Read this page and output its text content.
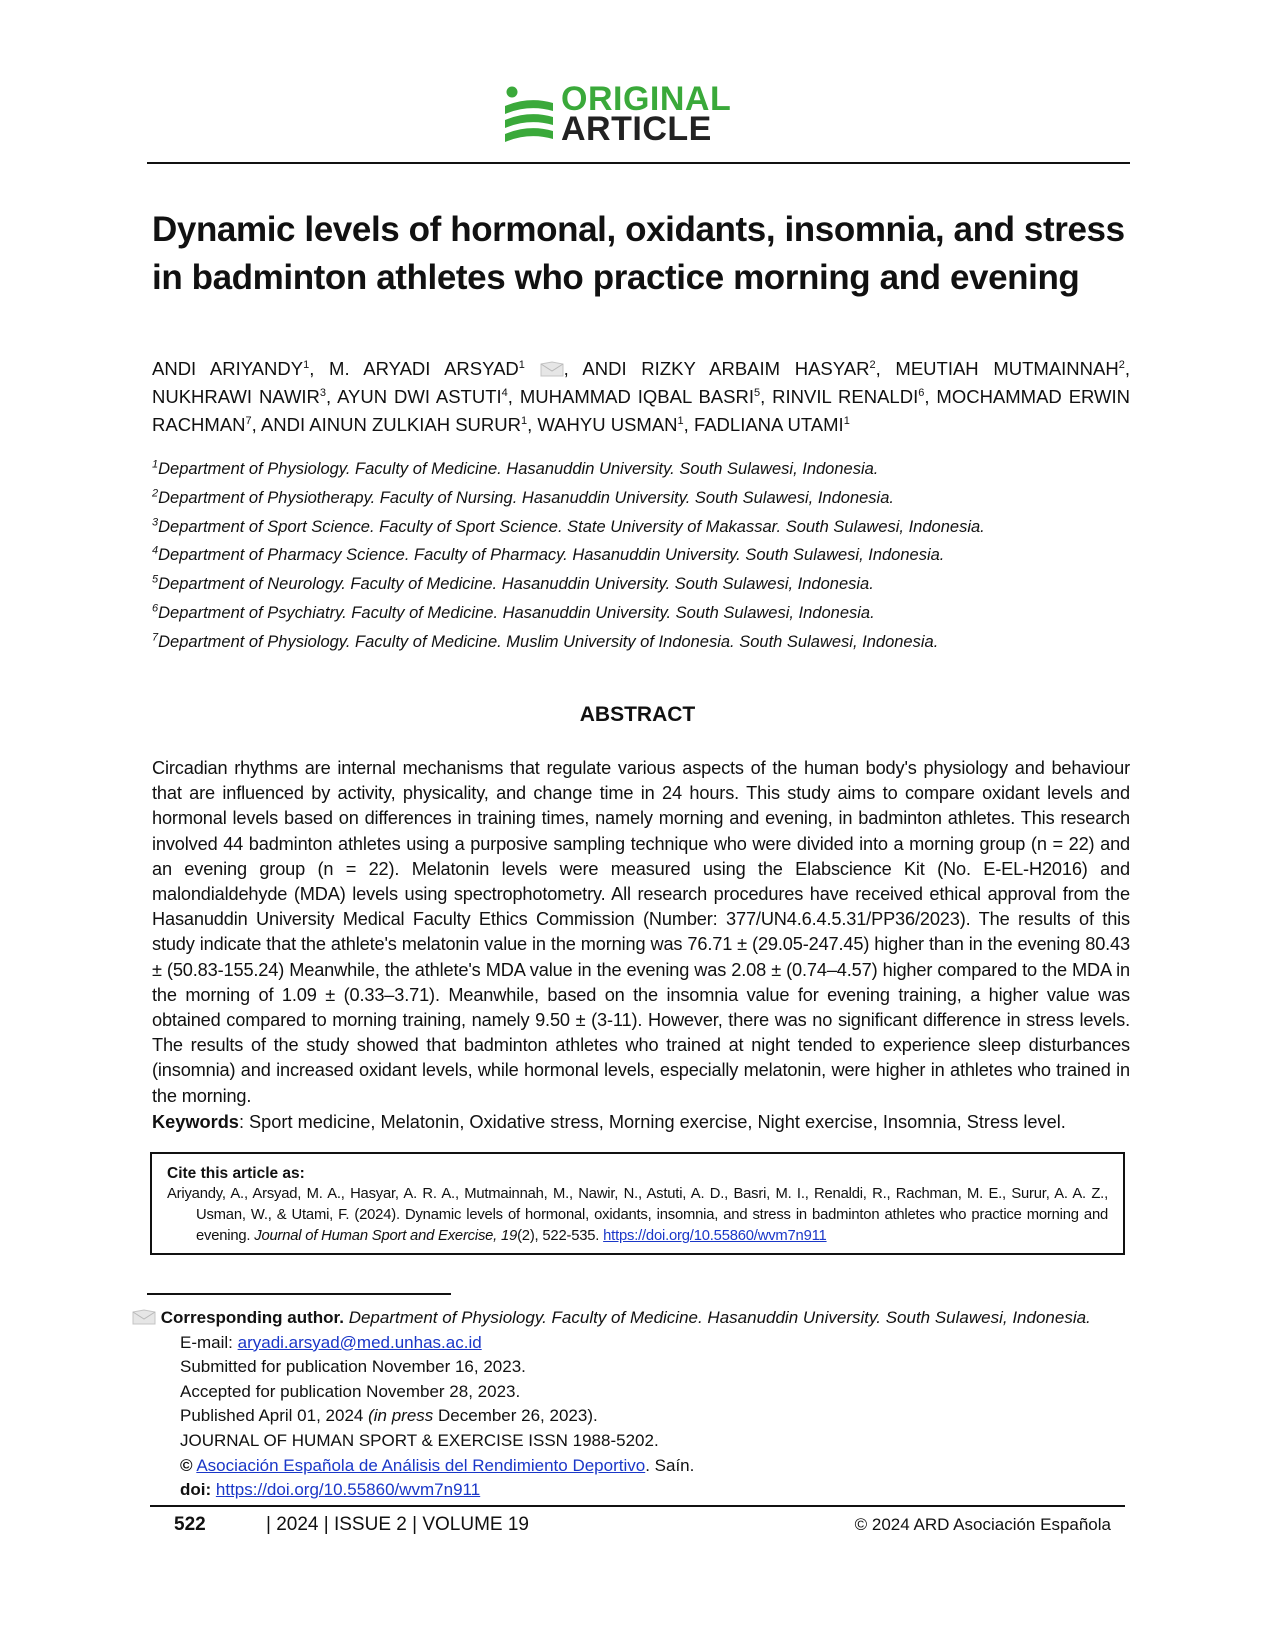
ORIGINAL
ARTICLE
Dynamic levels of hormonal, oxidants, insomnia, and stress
in badminton athletes who practice morning and evening
ANDI ARIYANDY$^1$, M. ARYADI ARSYAD$^1$ , ANDI RIZKY ARBAIM HASYAR$^2$, MEUTIAH MUTMAINNAH$^2$, NUKHRAWI NAWIR$^3$, AYUN DWI ASTUTI$^4$, MUHAMMAD IQBAL BASRI$^5$, RINVIL RENALDI$^6$, MOCHAMMAD ERWIN RACHMAN$^7$, ANDI AINUN ZULKIAH SURUR$^1$, WAHYU USMAN$^1$, FADLIANA UTAMI$^1$
$^1$Department of Physiology. Faculty of Medicine. Hasanuddin University. South Sulawesi, Indonesia.
$^2$Department of Physiotherapy. Faculty of Nursing. Hasanuddin University. South Sulawesi, Indonesia.
$^3$Department of Sport Science. Faculty of Sport Science. State University of Makassar. South Sulawesi, Indonesia.
$^4$Department of Pharmacy Science. Faculty of Pharmacy. Hasanuddin University. South Sulawesi, Indonesia.
$^5$Department of Neurology. Faculty of Medicine. Hasanuddin University. South Sulawesi, Indonesia.
$^6$Department of Psychiatry. Faculty of Medicine. Hasanuddin University. South Sulawesi, Indonesia.
$^7$Department of Physiology. Faculty of Medicine. Muslim University of Indonesia. South Sulawesi, Indonesia.
ABSTRACT

Circadian rhythms are internal mechanisms that regulate various aspects of the human body's physiology and behaviour that are influenced by activity, physicality, and change time in 24 hours. This study aims to compare oxidant levels and hormonal levels based on differences in training times, namely morning and evening, in badminton athletes. This research involved 44 badminton athletes using a purposive sampling technique who were divided into a morning group (n = 22) and an evening group (n = 22). Melatonin levels were measured using the Elabscience Kit (No. E-EL-H2016) and malondialdehyde (MDA) levels using spectrophotometry. All research procedures have received ethical approval from the Hasanuddin University Medical Faculty Ethics Commission (Number: 377/UN4.6.4.5.31/PP36/2023). The results of this study indicate that the athlete's melatonin value in the morning was 76.71 ± (29.05-247.45) higher than in the evening 80.43 ± (50.83-155.24) Meanwhile, the athlete's MDA value in the evening was 2.08 ± (0.74–4.57) higher compared to the MDA in the morning of 1.09 ± (0.33–3.71). Meanwhile, based on the insomnia value for evening training, a higher value was obtained compared to morning training, namely 9.50 ± (3-11). However, there was no significant difference in stress levels. The results of the study showed that badminton athletes who trained at night tended to experience sleep disturbances (insomnia) and increased oxidant levels, while hormonal levels, especially melatonin, were higher in athletes who trained in the morning.

Keywords: Sport medicine, Melatonin, Oxidative stress, Morning exercise, Night exercise, Insomnia, Stress level.

Cite this article as:

Ariyandy, A., Arsyad, M. A., Hasyar, A. R. A., Mutmainnah, M., Nawir, N., Astuti, A. D., Basri, M. I., Renaldi, R., Rachman, M. E., Surur, A. A. Z., Usman, W., & Utami, F. (2024). Dynamic levels of hormonal, oxidants, insomnia, and stress in badminton athletes who practice morning and evening. Journal of Human Sport and Exercise, 19(2), 522-535. https://doi.org/10.55860/wvm7n911

Corresponding author. Department of Physiology. Faculty of Medicine. Hasanuddin University. South Sulawesi, Indonesia.
E-mail: aryadi.arsyad@med.unhas.ac.id
Submitted for publication November 16, 2023.
Accepted for publication November 28, 2023.
Published April 01, 2024 (in press December 26, 2023).
JOURNAL OF HUMAN SPORT & EXERCISE ISSN 1988-5202.
© Asociación Española de Análisis del Rendimiento Deportivo. Saín.
doi: https://doi.org/10.55860/wvm7n911
522	| 2024 | ISSUE 2 | VOLUME 19	© 2024 ARD Asociación Española
